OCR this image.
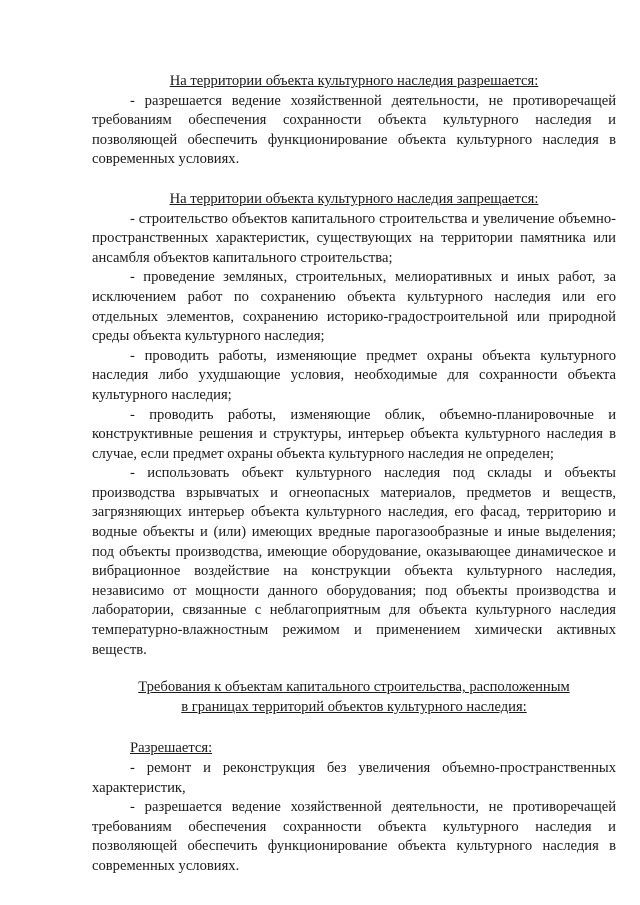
На территории объекта культурного наследия разрешается:

- разрешается ведение хозяйственной деятельности, не противоречащей требованиям обеспечения сохранности объекта культурного наследия и позволяющей обеспечить функционирование объекта культурного наследия в современных условиях.

На территории объекта культурного наследия запрещается:

- строительство объектов капитального строительства и увеличение объемно-пространственных характеристик, существующих на территории памятника или ансамбля объектов капитального строительства;

- проведение земляных, строительных, мелиоративных и иных работ, за исключением работ по сохранению объекта культурного наследия или его отдельных элементов, сохранению историко-градостроительной или природной среды объекта культурного наследия;

- проводить работы, изменяющие предмет охраны объекта культурного наследия либо ухудшающие условия, необходимые для сохранности объекта культурного наследия;

- проводить работы, изменяющие облик, объемно-планировочные и конструктивные решения и структуры, интерьер объекта культурного наследия в случае, если предмет охраны объекта культурного наследия не определен;

- использовать объект культурного наследия под склады и объекты производства взрывчатых и огнеопасных материалов, предметов и веществ, загрязняющих интерьер объекта культурного наследия, его фасад, территорию и водные объекты и (или) имеющих вредные парогазообразные и иные выделения; под объекты производства, имеющие оборудование, оказывающее динамическое и вибрационное воздействие на конструкции объекта культурного наследия, независимо от мощности данного оборудования; под объекты производства и лаборатории, связанные с неблагоприятным для объекта культурного наследия температурно-влажностным режимом и применением химически активных веществ.

Требования к объектам капитального строительства, расположенным

в границах территорий объектов культурного наследия:

Разрешается:

- ремонт и реконструкция без увеличения объемно-пространственных характеристик,

- разрешается ведение хозяйственной деятельности, не противоречащей требованиям обеспечения сохранности объекта культурного наследия и позволяющей обеспечить функционирование объекта культурного наследия в современных условиях.
